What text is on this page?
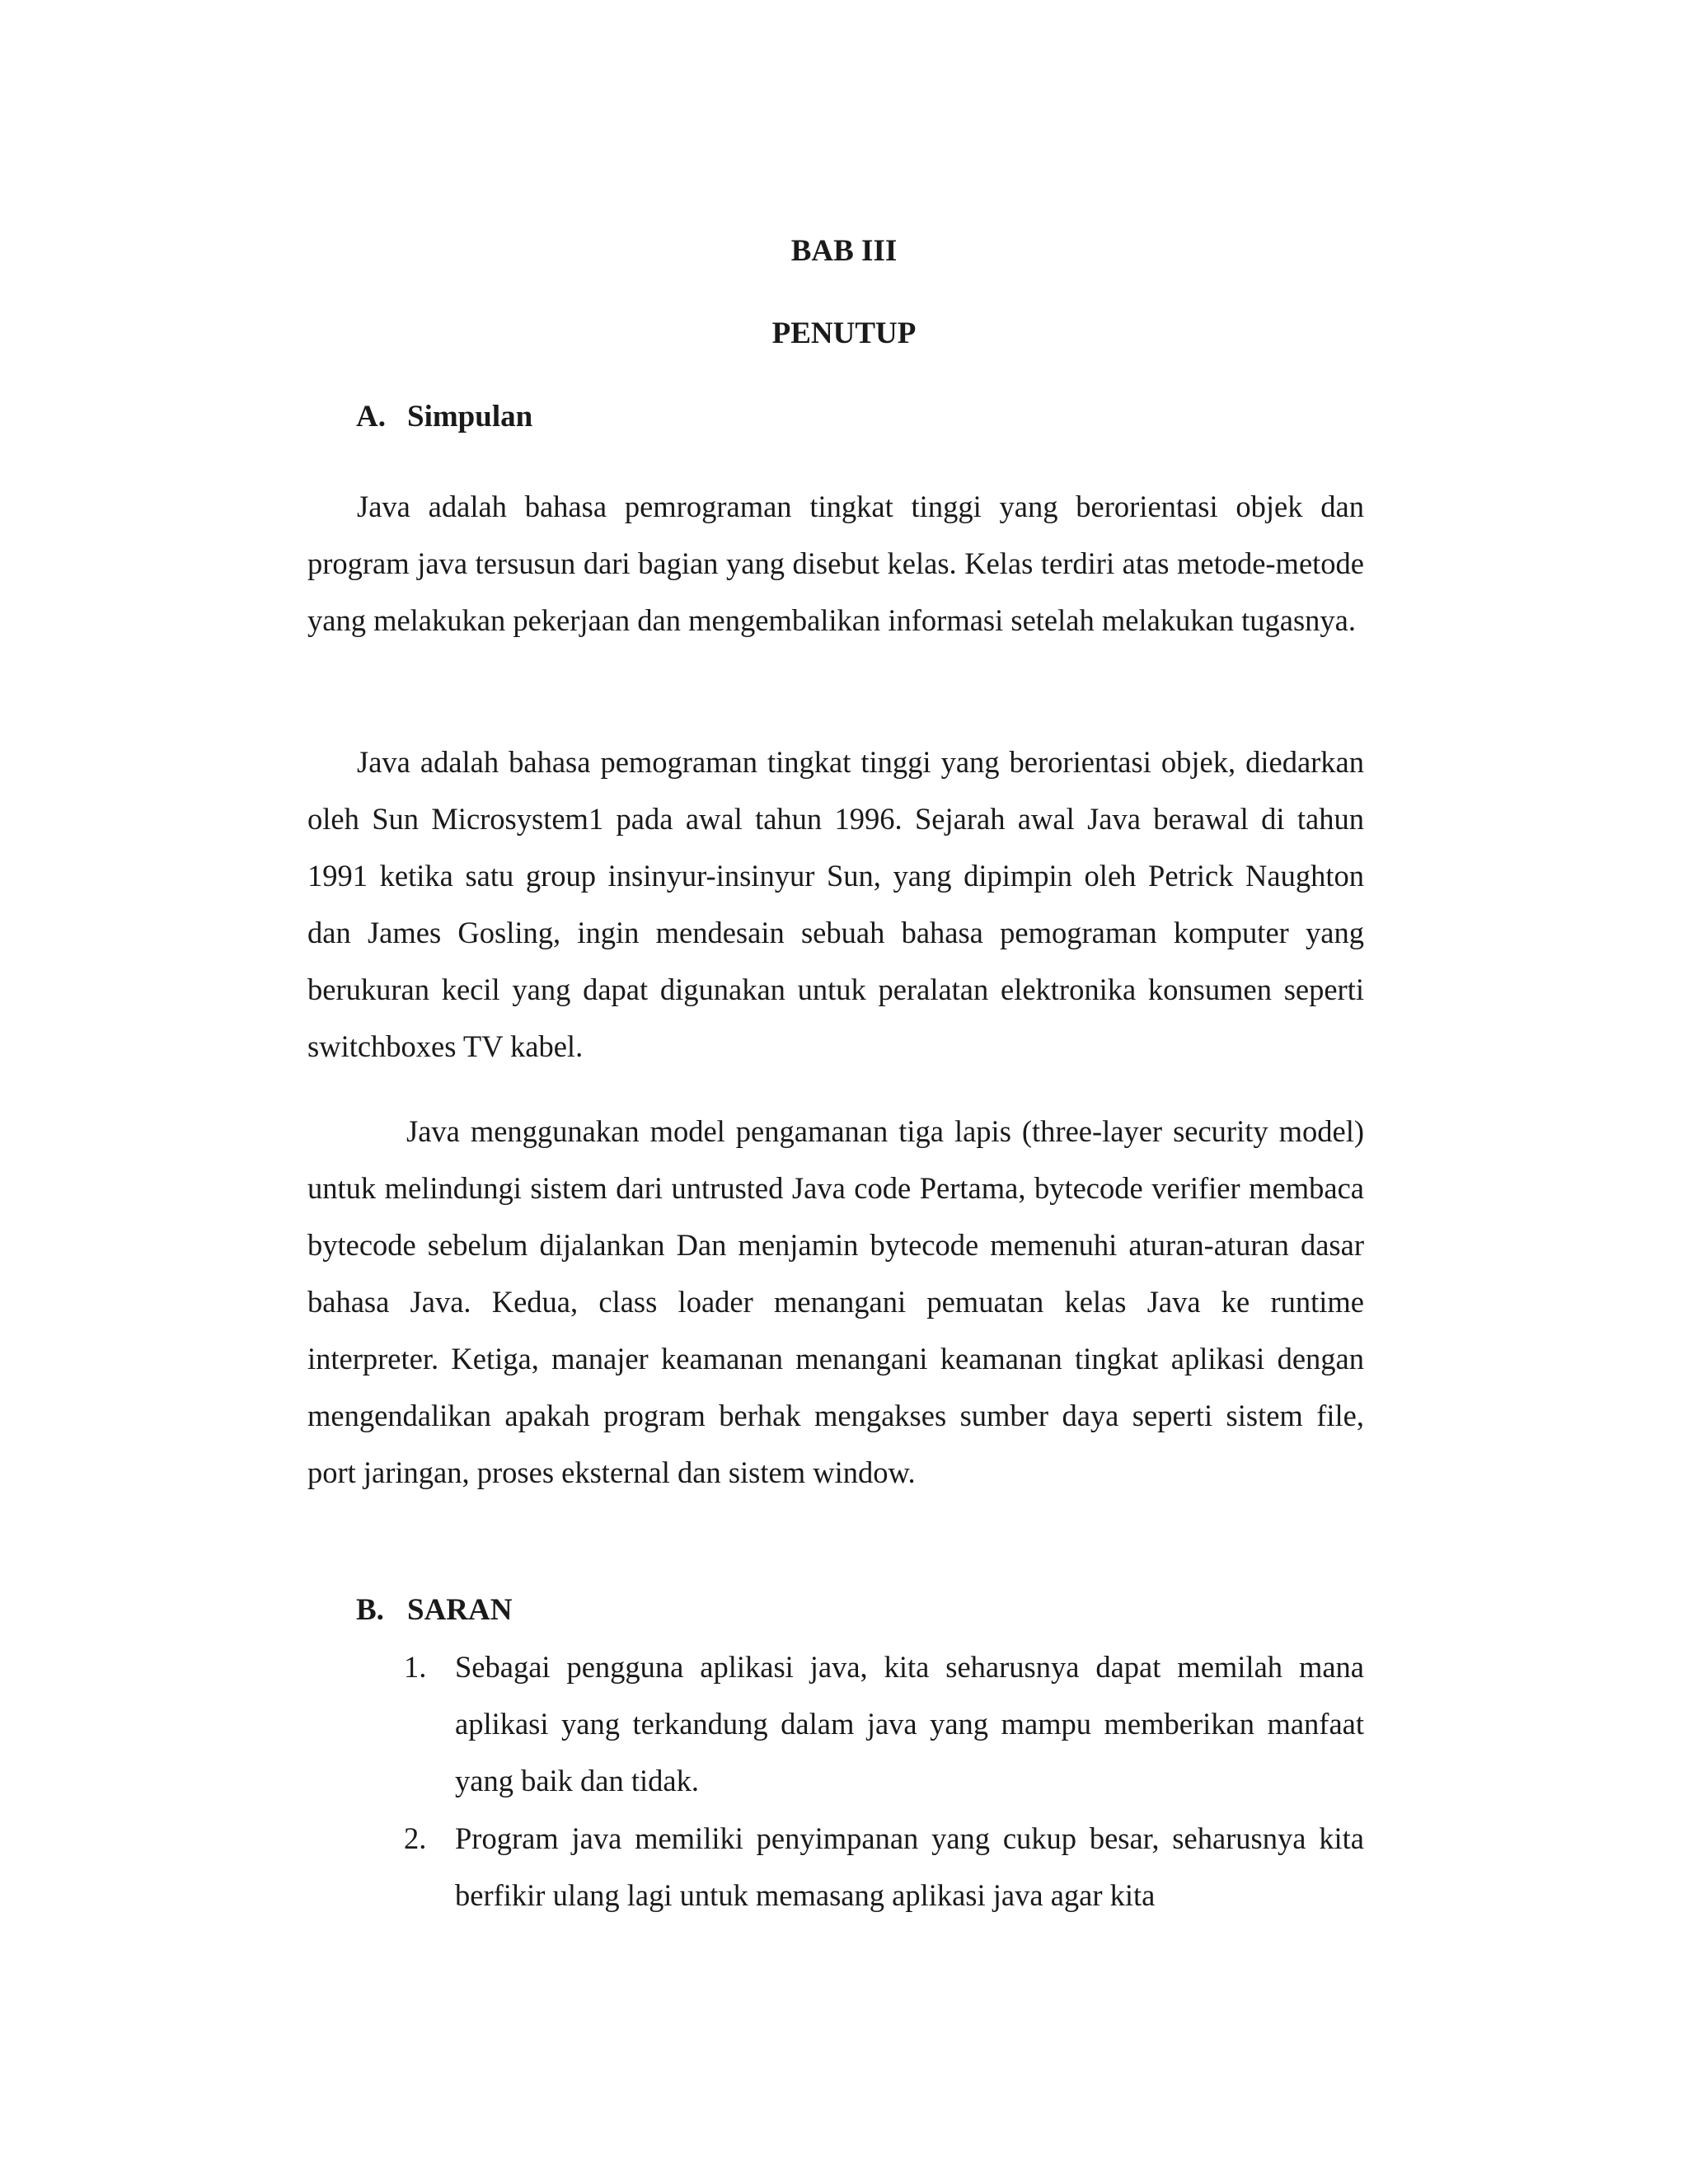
BAB III
PENUTUP
A. Simpulan

Java adalah bahasa pemrograman tingkat tinggi yang berorientasi objek dan program java tersusun dari bagian yang disebut kelas. Kelas terdiri atas metode-metode yang melakukan pekerjaan dan mengembalikan informasi setelah melakukan tugasnya.

Java adalah bahasa pemograman tingkat tinggi yang berorientasi objek, diedarkan oleh Sun Microsystem1 pada awal tahun 1996. Sejarah awal Java berawal di tahun 1991 ketika satu group insinyur-insinyur Sun, yang dipimpin oleh Petrick Naughton dan James Gosling, ingin mendesain sebuah bahasa pemograman komputer yang berukuran kecil yang dapat digunakan untuk peralatan elektronika konsumen seperti switchboxes TV kabel.

Java menggunakan model pengamanan tiga lapis (three-layer security model) untuk melindungi sistem dari untrusted Java code Pertama, bytecode verifier membaca bytecode sebelum dijalankan Dan menjamin bytecode memenuhi aturan-aturan dasar bahasa Java. Kedua, class loader menangani pemuatan kelas Java ke runtime interpreter. Ketiga, manajer keamanan menangani keamanan tingkat aplikasi dengan mengendalikan apakah program berhak mengakses sumber daya seperti sistem file, port jaringan, proses eksternal dan sistem window.

B. SARAN
1. Sebagai pengguna aplikasi java, kita seharusnya dapat memilah mana aplikasi yang terkandung dalam java yang mampu memberikan manfaat yang baik dan tidak.
2. Program java memiliki penyimpanan yang cukup besar, seharusnya kita berfikir ulang lagi untuk memasang aplikasi java agar kita
